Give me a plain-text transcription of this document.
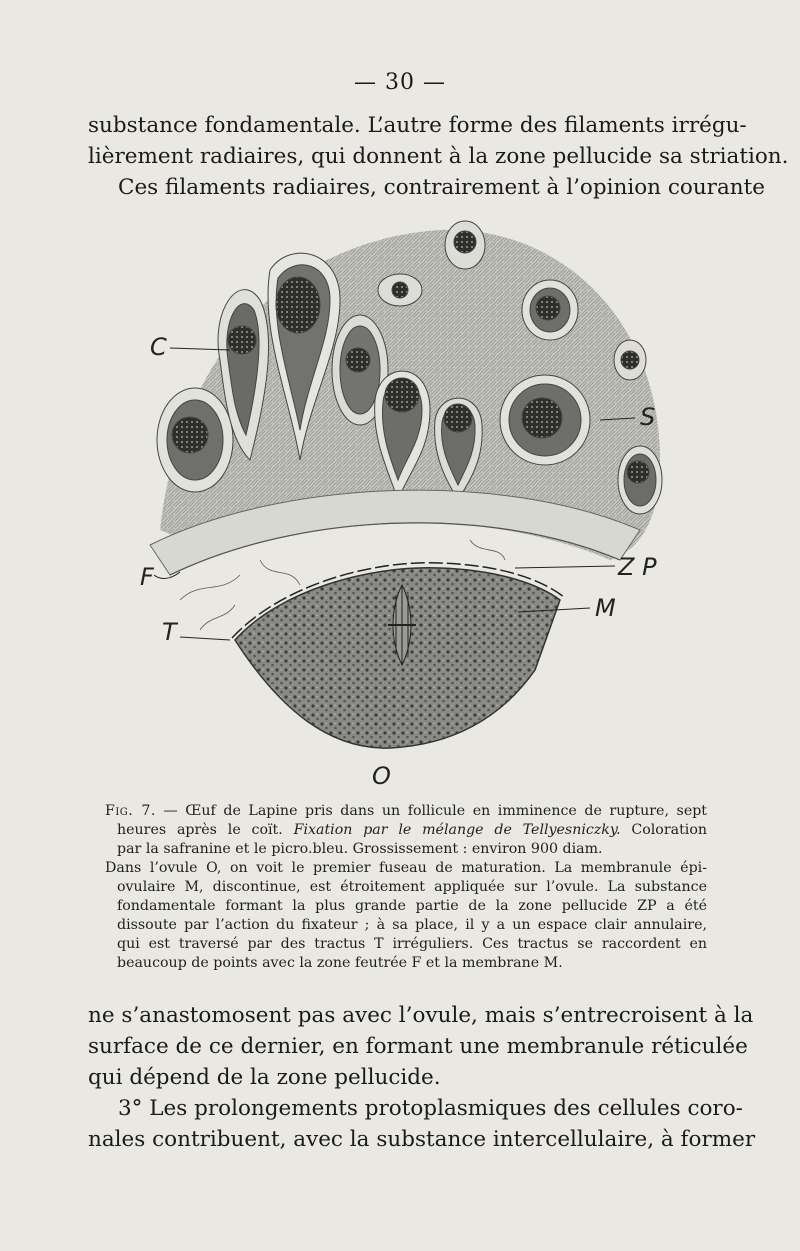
— 30 —
substance fondamentale. L’autre forme des filaments irrégu-
lièrement radiaires, qui donnent à la zone pellucide sa striation.
Ces filaments radiaires, contrairement à l’opinion courante
C
S
F	Z P
M
T
O
Fig. 7. — Œuf de Lapine pris dans un follicule en imminence de rupture, sept
heures après le coït. Fixation par le mélange de Tellyesniczky. Coloration
par la safranine et le picro.bleu. Grossissement : environ 900 diam.
Dans l’ovule O, on voit le premier fuseau de maturation. La membranule épi-
ovulaire M, discontinue, est étroitement appliquée sur l’ovule. La substance
fondamentale formant la plus grande partie de la zone pellucide ZP a été
dissoute par l’action du fixateur ; à sa place, il y a un espace clair annulaire,
qui est traversé par des tractus T irréguliers. Ces tractus se raccordent en
beaucoup de points avec la zone feutrée F et la membrane M.
ne s’anastomosent pas avec l’ovule, mais s’entrecroisent à la
surface de ce dernier, en formant une membranule réticulée
qui dépend de la zone pellucide.
3° Les prolongements protoplasmiques des cellules coro-
nales contribuent, avec la substance intercellulaire, à former
